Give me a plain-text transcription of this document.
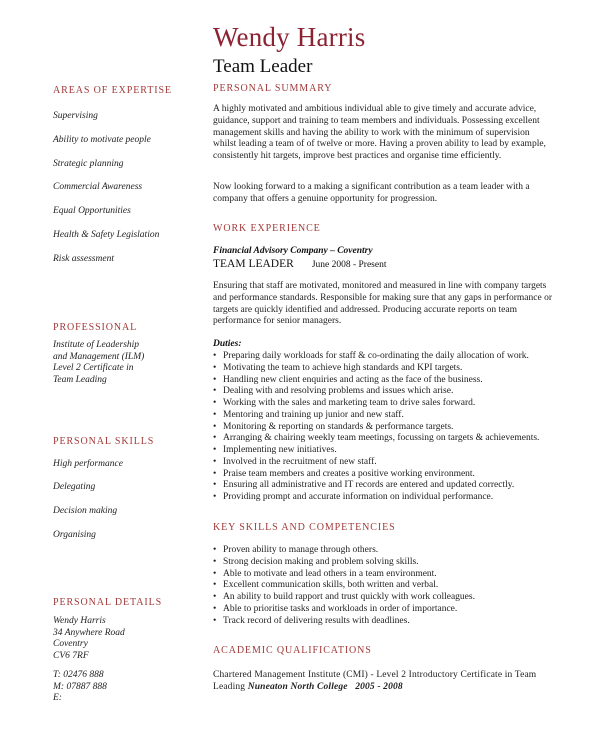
Wendy Harris
Team Leader
AREAS OF EXPERTISE
Supervising
Ability to motivate people
Strategic planning
Commercial Awareness
Equal Opportunities
Health & Safety Legislation
Risk assessment
PROFESSIONAL
Institute of Leadership
and Management (ILM)
Level 2 Certificate in
Team Leading
PERSONAL SKILLS
High performance
Delegating
Decision making
Organising
PERSONAL DETAILS
Wendy Harris
34 Anywhere Road
Coventry
CV6 7RF
T: 02476 888
M: 07887 888
E:
PERSONAL SUMMARY
A highly motivated and ambitious individual able to give timely and accurate advice, guidance, support and training to team members and individuals. Possessing excellent management skills and having the ability to work with the minimum of supervision whilst leading a team of of twelve or more. Having a proven ability to lead by example, consistently hit targets, improve best practices and organise time efficiently.
Now looking forward to a making a significant contribution as a team leader with a company that offers a genuine opportunity for progression.
WORK EXPERIENCE
Financial Advisory Company – Coventry
TEAM LEADER June 2008 - Present
Ensuring that staff are motivated, monitored and measured in line with company targets and performance standards. Responsible for making sure that any gaps in performance or targets are quickly identified and addressed. Producing accurate reports on team performance for senior managers.
Duties:
• Preparing daily workloads for staff & co-ordinating the daily allocation of work.
• Motivating the team to achieve high standards and KPI targets.
• Handling new client enquiries and acting as the face of the business.
• Dealing with and resolving problems and issues which arise.
• Working with the sales and marketing team to drive sales forward.
• Mentoring and training up junior and new staff.
• Monitoring & reporting on standards & performance targets.
• Arranging & chairing weekly team meetings, focussing on targets & achievements.
• Implementing new initiatives.
• Involved in the recruitment of new staff.
• Praise team members and creates a positive working environment.
• Ensuring all administrative and IT records are entered and updated correctly.
• Providing prompt and accurate information on individual performance.
KEY SKILLS AND COMPETENCIES
• Proven ability to manage through others.
• Strong decision making and problem solving skills.
• Able to motivate and lead others in a team environment.
• Excellent communication skills, both written and verbal.
• An ability to build rapport and trust quickly with work colleagues.
• Able to prioritise tasks and workloads in order of importance.
• Track record of delivering results with deadlines.
ACADEMIC QUALIFICATIONS
Chartered Management Institute (CMI) - Level 2 Introductory Certificate in Team Leading Nuneaton North College 2005 - 2008
